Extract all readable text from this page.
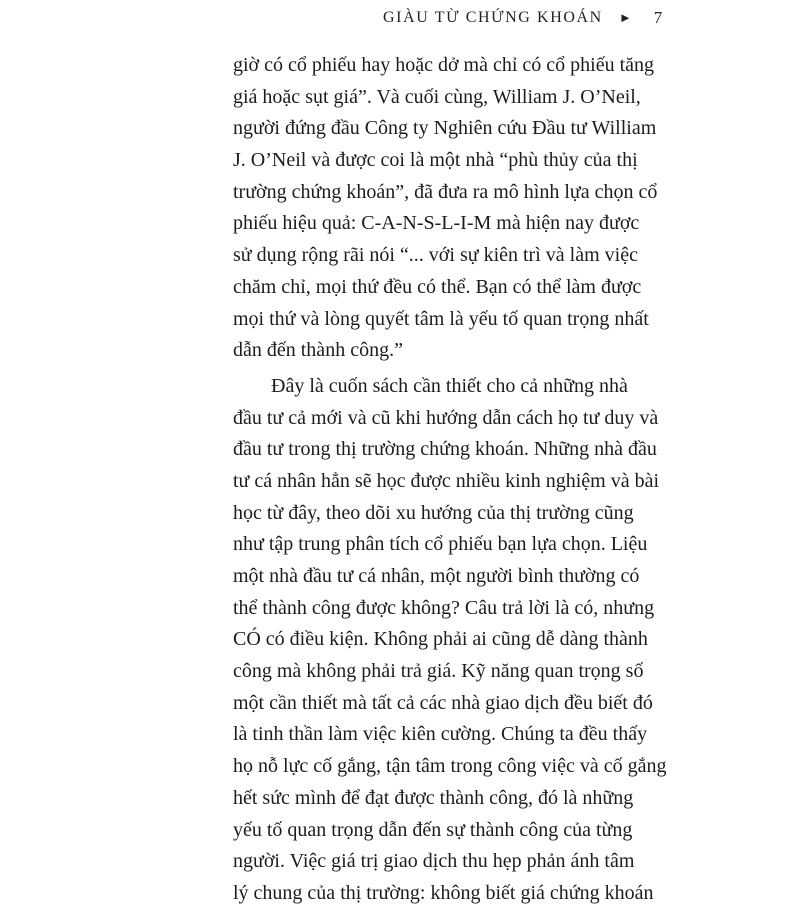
GIÀU TỪ CHỨNG KHOÁN ► 7
giờ có cổ phiếu hay hoặc dở mà chỉ có cổ phiếu tăng
giá hoặc sụt giá”. Và cuối cùng, William J. O’Neil,
người đứng đầu Công ty Nghiên cứu Đầu tư William
J. O’Neil và được coi là một nhà “phù thủy của thị
trường chứng khoán”, đã đưa ra mô hình lựa chọn cổ
phiếu hiệu quả: C-A-N-S-L-I-M mà hiện nay được
sử dụng rộng rãi nói “... với sự kiên trì và làm việc
chăm chỉ, mọi thứ đều có thể. Bạn có thể làm được
mọi thứ và lòng quyết tâm là yếu tố quan trọng nhất
dẫn đến thành công.”
Đây là cuốn sách cần thiết cho cả những nhà
đầu tư cả mới và cũ khi hướng dẫn cách họ tư duy và
đầu tư trong thị trường chứng khoán. Những nhà đầu
tư cá nhân hẳn sẽ học được nhiều kinh nghiệm và bài
học từ đây, theo dõi xu hướng của thị trường cũng
như tập trung phân tích cổ phiếu bạn lựa chọn. Liệu
một nhà đầu tư cá nhân, một người bình thường có
thể thành công được không? Câu trả lời là có, nhưng
CÓ có điều kiện. Không phải ai cũng dễ dàng thành
công mà không phải trả giá. Kỹ năng quan trọng số
một cần thiết mà tất cả các nhà giao dịch đều biết đó
là tinh thần làm việc kiên cường. Chúng ta đều thấy
họ nỗ lực cố gắng, tận tâm trong công việc và cố gắng
hết sức mình để đạt được thành công, đó là những
yếu tố quan trọng dẫn đến sự thành công của từng
người. Việc giá trị giao dịch thu hẹp phản ánh tâm
lý chung của thị trường: không biết giá chứng khoán
